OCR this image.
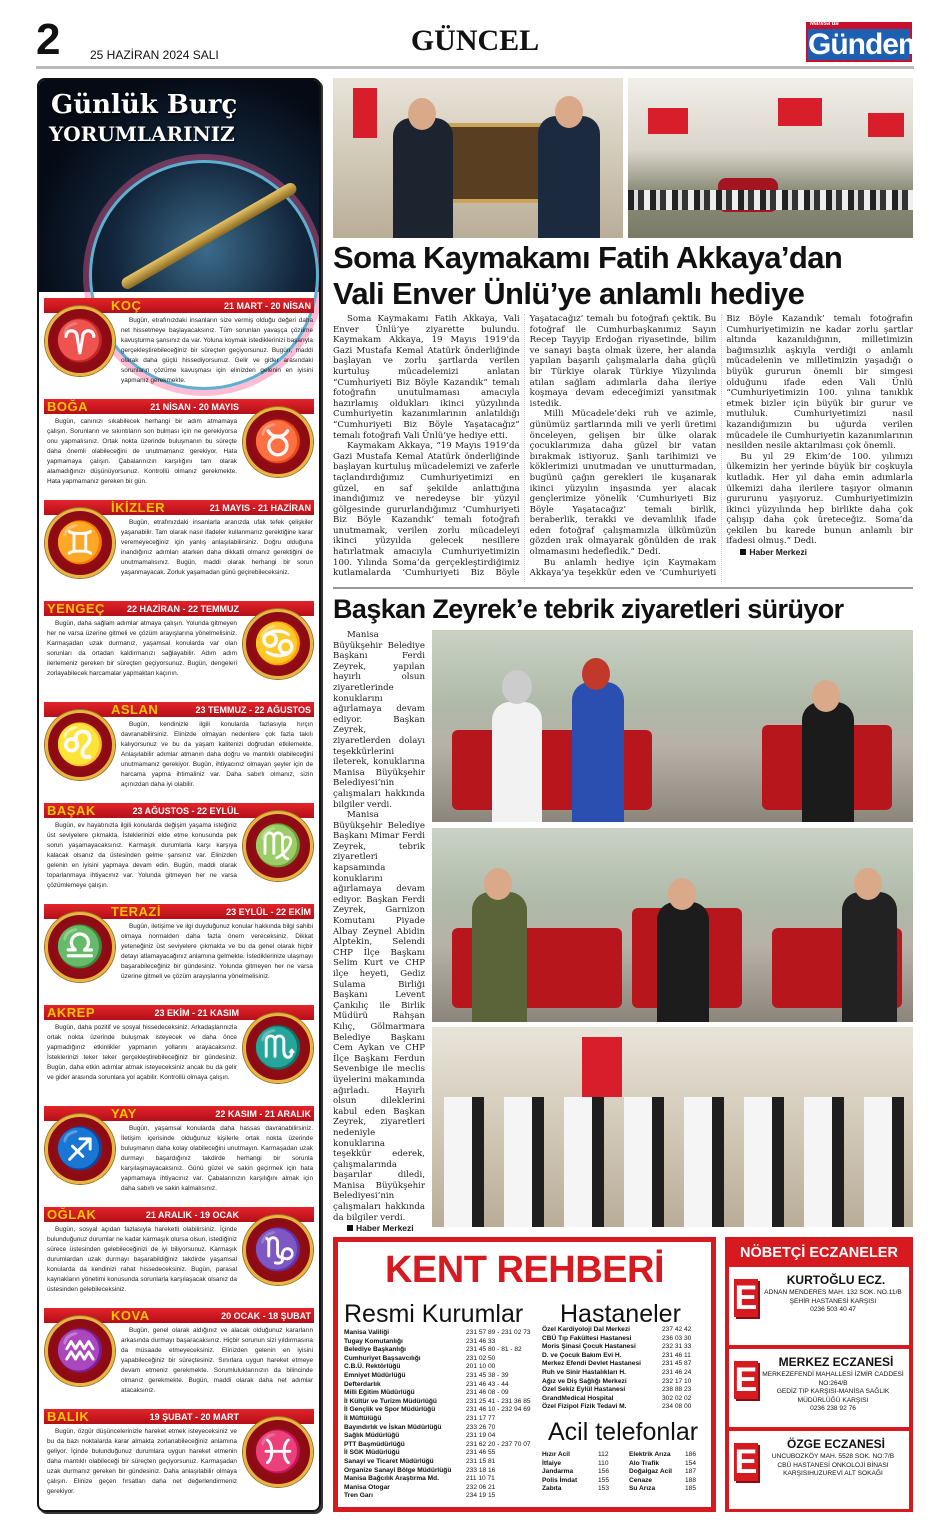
2 25 HAZİRAN 2024 SALI	GÜNCEL	Manisa'da
Gündem
Günlük Burç
YORUMLARINIZ
♈
KOÇ	21 MART - 20 NİSAN
Bugün, etrafınızdaki insanların size vermiş olduğu değeri daha net hissetmeye başlayacaksınız. Tüm sorunları yavaşça çözüme kavuşturma şansınız da var. Yoluna koymak istediklerinizi başarıyla gerçekleştirebileceğiniz bir süreçten geçiyorsunuz. Bugün, maddi olarak daha güçlü hissediyorsunuz. Gelir ve gider arasındaki sorunların çözüme kavuşması için elinizden gelenin en iyisini yapmanız gerekmekte.
♉
BOĞA	21 NİSAN - 20 MAYIS
Bugün, canınızı sıkabilecek herhangi bir adım atmamaya çalışın. Sorunların ve sıkıntıların son bulması için ne gerekiyorsa onu yapmalısınız. Ortak nokta üzerinde buluşmanın bu süreçte daha önemli olabileceğini de unutmamanız gerekiyor. Hata yapmamaya çalışın. Çabalarınızın karşılığını tam olarak alamadığınızı düşünüyorsunuz. Kontrollü olmanız gerekmekte. Hata yapmamanız gereken bir gün.
♊
İKİZLER	21 MAYIS - 21 HAZİRAN
Bugün, etrafınızdaki insanlarla aranızda ufak tefek çelişkiler yaşanabilir. Tam olarak nasıl ifadeler kullanmanız gerektiğine karar veremeyeceğiniz için yanlış anlaşılabilirsiniz. Doğru olduğuna inandığınız adımları atarken daha dikkatli olmanız gerektiğini de unutmamalısınız. Bugün, maddi olarak herhangi bir sorun yaşanmayacak. Zorluk yaşamadan günü geçirebileceksiniz.
♋
YENGEÇ 22 HAZİRAN - 22 TEMMUZ
Bugün, daha sağlam adımlar atmaya çalışın. Yolunda gitmeyen her ne varsa üzerine gitmeli ve çözüm arayışlarına yönelmelisiniz. Karmaşadan uzak durmanız, yaşamsal konularda var olan sorunları da ortadan kaldırmanızı sağlayabilir. Adım adım ilerlemeniz gereken bir süreçten geçiyorsunuz. Bugün, dengeleri zorlayabilecek harcamalar yapmaktan kaçının.
♌
ASLAN	23 TEMMUZ - 22 AĞUSTOS
Bugün, kendinizle ilgili konularda fazlasıyla hırçın davranabilirsiniz. Elinizde olmayan nedenlere çok fazla takılı kalıyorsunuz ve bu da yaşam kalitenizi doğrudan etkilemekte. Anlaşılabilir adımlar atmanın daha doğru ve mantıklı olabileceğini unutmamanız gerekiyor. Bugün, ihtiyacınız olmayan şeyler için de harcama yapma ihtimaliniz var. Daha sabırlı olmanız, sizin açınızdan daha iyi olabilir.
♍
BAŞAK	23 AĞUSTOS - 22 EYLÜL
Bugün, ev hayatınızla ilgili konularda değişim yaşama isteğiniz üst seviyelere çıkmakta. İsteklerinizi elde etme konusunda pek sorun yaşamayacaksınız. Karmaşık durumlarla karşı karşıya kalacak olsanız da üstesinden gelme şansınız var. Elinizden gelenin en iyisini yapmaya devam edin. Bugün, maddi olarak toparlanmaya ihtiyacınız var. Yolunda gitmeyen her ne varsa çözümlemeye çalışın.
♎
TERAZİ	23 EYLÜL - 22 EKİM
Bugün, iletişime ve ilgi duyduğunuz konular hakkında bilgi sahibi olmaya normalden daha fazla önem vereceksiniz. Dikkat yeteneğiniz üst seviyelere çıkmakta ve bu da genel olarak hiçbir detayı atlamayacağınız anlamına gelmekte. İstediklerinize ulaşmayı başarabileceğiniz bir gündesiniz. Yolunda gitmeyen her ne varsa üzerine gitmeli ve çözüm arayışlarına yönelmelisiniz.
♏
AKREP	23 EKİM - 21 KASIM
Bugün, daha pozitif ve sosyal hissedeceksiniz. Arkadaşlarınızla ortak nokta üzerinde buluşmak isteyecek ve daha önce yapmadığınız etkinlikler yapmanın yollarını arayacaksınız. İsteklerinizi teker teker gerçekleştirebileceğiniz bir gündesiniz. Bugün, daha etkin adımlar atmak isteyeceksiniz ancak bu da gelir ve gider arasında sorunlara yol açabilir. Kontrollü olmaya çalışın.
♐
YAY	22 KASIM - 21 ARALIK
Bugün, yaşamsal konularda daha hassas davranabilirsiniz. İletişim içerisinde olduğunuz kişilerle ortak nokta üzerinde buluşmanın daha kolay olabileceğini unutmayın. Karmaşadan uzak durmayı başardığınız takdirde herhangi bir sorunla karşılaşmayacaksınız. Günü güzel ve sakin geçirmek için hata yapmamaya ihtiyacınız var. Çabalarınızın karşılığını almak için daha sabırlı ve sakin kalmalısınız.
♑
OĞLAK	21 ARALIK - 19 OCAK
Bugün, sosyal açıdan fazlasıyla hareketli olabilirsiniz. İçinde bulunduğunuz durumlar ne kadar karmaşık olursa olsun, istediğiniz sürece üstesinden gelebileceğinizi de iyi biliyorsunuz. Karmaşık durumlardan uzak durmayı başarabildiğiniz takdirde yaşamsal konularda da kendinizi rahat hissedeceksiniz. Bugün, parasal kaynakların yönetimi konusunda sorunlarla karşılaşacak olsanız da üstesinden gelebileceksiniz.
♒
KOVA	20 OCAK - 18 ŞUBAT
Bugün, genel olarak aldığınız ve alacak olduğunuz kararların arkasında durmayı başaracaksınız. Hiçbir sorunun sizi yıldırmasına da müsaade etmeyeceksiniz. Elinizden gelenin en iyisini yapabileceğiniz bir süreçtesiniz. Sınırlara uygun hareket etmeye devam etmeniz gerekmekte. Sorumluluklarınızın da bilincinde olmanız gerekmekte. Bugün, maddi olarak daha net adımlar atacaksınız.
♓
BALIK	19 ŞUBAT - 20 MART
Bugün, özgür düşüncelerinizle hareket etmek isteyeceksiniz ve bu da bazı noktalarda karar almakta zorlanabileceğiniz anlamına geliyor. İçinde bulunduğunuz durumlara uygun hareket etmenin daha mantıklı olabileceği bir süreçten geçiyorsunuz. Karmaşadan uzak durmanız gereken bir gündesiniz. Daha anlaşılabilir olmaya çalışın. Elinize geçen fırsatları daha net değerlendirmeniz gerekiyor.
Soma Kaymakamı Fatih Akkaya’dan
Vali Enver Ünlü’ye anlamlı hediye

Soma Kaymakamı Fatih Akkaya, Vali Enver Ünlü’ye ziyarette bulundu. Kaymakam Akkaya, 19 Mayıs 1919’da Gazi Mustafa Kemal Atatürk önderliğinde başlayan ve zorlu şartlarda verilen kurtuluş mücadelemizi anlatan “Cumhuriyeti Biz Böyle Kazandık” temalı fotoğrafın unutulmaması amacıyla hazırlamış oldukları ikinci yüzyılında Cumhuriyetin kazanımlarının anlatıldığı “Cumhuriyeti Biz Böyle Yaşatacağız” temalı fotoğrafı Vali Ünlü’ye hediye etti.

Kaymakam Akkaya, “19 Mayıs 1919’da Gazi Mustafa Kemal Atatürk önderliğinde başlayan kurtuluş mücadelemizi ve zaferle taçlandırdığımız Cumhuriyetimizi en güzel, en saf şekilde anlattığına inandığımız ve neredeyse bir yüzyıl gölgesinde gururlandığımız ‘Cumhuriyeti Biz Böyle Kazandık’ temalı fotoğrafı unutmamak, verilen zorlu mücadeleyi ikinci yüzyılda gelecek nesillere hatırlatmak amacıyla Cumhuriyetimizin 100. Yılında Soma’da gerçekleştirdiğimiz kutlamalarda ‘Cumhuriyeti Biz Böyle Yaşatacağız’ temalı bu fotoğrafı çektik. Bu fotoğraf ile Cumhurbaşkanımız Sayın Recep Tayyip Erdoğan riyasetinde, bilim ve sanayi başta olmak üzere, her alanda yapılan başarılı çalışmalarla daha güçlü bir Türkiye olarak Türkiye Yüzyılında atılan sağlam adımlarla daha ileriye koşmaya devam edeceğimizi yansıtmak istedik.

Milli Mücadele’deki ruh ve azimle, günümüz şartlarında mili ve yerli üretimi önceleyen, gelişen bir ülke olarak çocuklarımıza daha güzel bir vatan bırakmak istiyoruz. Şanlı tarihimizi ve köklerimizi unutmadan ve unutturmadan, bugünü çağın gerekleri ile kuşanarak ikinci yüzyılın inşasında yer alacak gençlerimize yönelik ‘Cumhuriyeti Biz Böyle Yaşatacağız’ temalı birlik, beraberlik, terakki ve devamlılık ifade eden fotoğraf çalışmamızla ülkümüzün gözden ırak olmayarak gönülden de ırak olmamasını hedefledik.” Dedi.

Bu anlamlı hediye için Kaymakam Akkaya’ya teşekkür eden ve ‘Cumhuriyeti Biz Böyle Kazandık’ temalı fotoğrafın Cumhuriyetimizin ne kadar zorlu şartlar altında kazanıldığının, milletimizin bağımsızlık aşkıyla verdiği o anlamlı mücadelenin ve milletimizin yaşadığı o büyük gururun önemli bir simgesi olduğunu ifade eden Vali Ünlü “Cumhuriyetimizin 100. yılına tanıklık etmek bizler için büyük bir gurur ve mutluluk. Cumhuriyetimizi nasıl kazandığımızın bu uğurda verilen mücadele ile Cumhuriyetin kazanımlarının nesilden nesile aktarılması çok önemli.

Bu yıl 29 Ekim’de 100. yılımızı ülkemizin her yerinde büyük bir coşkuyla kutladık. Her yıl daha emin adımlarla ülkemizi daha ilerilere taşıyor olmanın gururunu yaşıyoruz. Cumhuriyetimizin ikinci yüzyılında hep birlikte daha çok çalışıp daha çok üreteceğiz. Soma’da çekilen bu karede bunun anlamlı bir ifadesi olmuş.” Dedi.

Haber Merkezi

Başkan Zeyrek’e tebrik ziyaretleri sürüyor

Manisa Büyükşehir Belediye Başkanı Ferdi Zeyrek, yapılan hayırlı olsun ziyaretlerinde konuklarını ağırlamaya devam ediyor. Başkan Zeyrek, ziyaretlerden dolayı teşekkürlerini ileterek, konuklarına Manisa Büyükşehir Belediyesi’nin çalışmaları hakkında bilgiler verdi.

Manisa Büyükşehir Belediye Başkanı Mimar Ferdi Zeyrek, tebrik ziyaretleri kapsamında konuklarını ağırlamaya devam ediyor. Başkan Ferdi Zeyrek, Garnizon Komutanı Piyade Albay Zeynel Abidin Alptekin, Selendi CHP İlçe Başkanı Selim Kurt ve CHP ilçe heyeti, Gediz Sulama Birliği Başkanı Levent Çankılıç ile Birlik Müdürü Rahşan Kılıç, Gölmarmara Belediye Başkanı Cem Aykan ve CHP İlçe Başkanı Ferdun Sevenbige ile meclis üyelerini makamında ağırladı. Hayırlı olsun dileklerini kabul eden Başkan Zeyrek, ziyaretleri nedeniyle konuklarına teşekkür ederek, çalışmalarında başarılar diledi, Manisa Büyükşehir Belediyesi’nin çalışmaları hakkında da bilgiler verdi.

Haber Merkezi

KENT REHBERİ
Resmi Kurumlar Hastaneler
Acil telefonlar
Manisa Valiliği	231 57 89 - 231 02 73
Tugay Komutanlığı	231 46 33
Belediye Başkanlığı	231 45 80 - 81 - 82
Cumhuriyet Başsavcılığı	231 02 50
C.B.Ü. Rektörlüğü	201 10 00
Emniyet Müdürlüğü	231 45 38 - 39
Defterdarlık	231 46 43 - 44
Milli Eğitim Müdürlüğü	231 46 08 - 09
İl Kültür ve Turizm Müdürlüğü	231 25 41 - 231 36 85
İl Gençlik ve Spor Müdürlüğü	231 46 10 - 232 94 69
İl Müftülüğü	231 17 77
Bayındırlık ve İskan Müdürlüğü	233 26 70
Sağlık Müdürlüğü	231 19 04
PTT Başmüdürlüğü	231 62 20 - 237 70 07
İl SGK Müdürlüğü	231 46 55
Sanayi ve Ticaret Müdürlüğü	231 15 81
Organize Sanayi Bölge Müdürlüğü 233 18 16
Manisa Bağcılık Araştırma Md.	211 10 71
Manisa Otogar	232 06 21
Tren Garı	234 19 15
Özel Kardiyoloji Dal Merkezi	237 42 42
CBÜ Tıp Fakültesi Hastanesi	236 03 30
Moris Şinasi Çocuk Hastanesi	232 31 33
D. ve Çocuk Bakım Evi H.	231 46 11
Merkez Efendi Devlet Hastanesi	231 45 87
Ruh ve Sinir Hastalıkları H.	231 46 24
Ağız ve Diş Sağlığı Merkezi	232 17 10
Özel Sekiz Eylül Hastanesi	238 88 23
GrandMedical Hospital	302 02 02
Özel Fizipol Fizik Tedavi M.	234 08 00
Hızır Acil	112
İtfaiye	110
Jandarma	156
Polis İmdat	155
Zabıta	153
Elektrik Arıza 186
Alo Trafik	154
Doğalgaz Acil 187
Cenaze	188
Su Arıza	185
NÖBETÇİ ECZANELER
E	KURTOĞLU ECZ.
ADNAN MENDERES MAH. 132 SOK. NO.11/B
ŞEHİR HASTANESİ KARŞISI
0236 503 40 47
E	MERKEZ ECZANESİ
MERKEZEFENDİ MAHALLESİ İZMİR CADDESİ
NO:264/B
GEDİZ TIP KARŞISI-MANİSA SAĞLIK
MÜDÜRLÜĞÜ KARŞISI
0236 238 92 76
E	ÖZGE ECZANESİ
UNCUBOZKÖY MAH. 5528 SOK. NO:7/B
CBÜ HASTANESİ ONKOLOJİ BİNASI
KARŞISIHUZUREVİ ALT SOKAĞI
